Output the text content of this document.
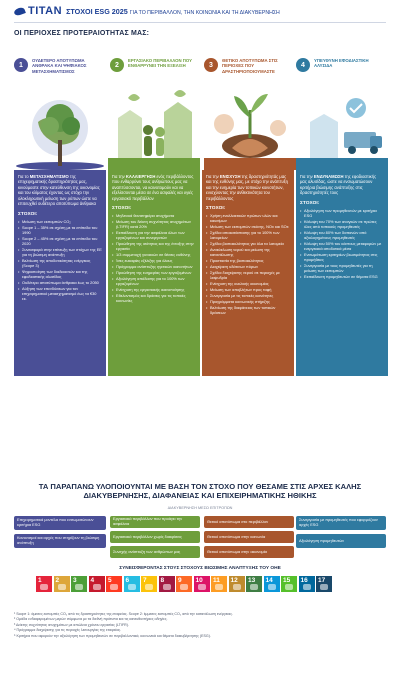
TITAN ΣΤΟΧΟΙ ESG 2025 ΓΙΑ ΤΟ ΠΕΡΙΒΑΛΛΟΝ, ΤΗΝ ΚΟΙΝΩΝΙΑ ΚΑΙ ΤΗ ΔΙΑΚΥΒΕΡΝΗΣΗ
ΟΙ ΠΕΡΙΟΧΕΣ ΠΡΟΤΕΡΑΙΟΤΗΤΑΣ ΜΑΣ:
1
ΟΥΔΕΤΕΡΟ ΑΠΟΤΥΠΩΜΑ ΑΝΘΡΑΚΑ ΚΑΙ ΨΗΦΙΑΚΟΣ ΜΕΤΑΣΧΗΜΑΤΙΣΜΟΣ
2
ΕΡΓΑΣΙΑΚΟ ΠΕΡΙΒΑΛΛΟΝ ΠΟΥ ΕΝΘΑΡΡΥΝΕΙ ΤΗΝ ΕΞΕΛΙΞΗ	3
ΘΕΤΙΚΟ ΑΠΟΤΥΠΩΜΑ ΣΤΙΣ ΠΕΡΙΟΧΕΣ ΠΟΥ ΔΡΑΣΤΗΡΙΟΠΟΙΟΥΜΑΣΤΕ
4
ΥΠΕΥΘΥΝΗ ΕΦΟΔΙΑΣΤΙΚΗ ΑΛΥΣΙΔΑ
Για το ΜΕΤΑΣΧΗΜΑΤΙΣΜΟ της επιχειρηματικής δραστηριότητας μας, κινούμαστε στην κατεύθυνση της οικονομίας και του κλίματος έχοντας ως στόχο την ολοκληρωτική μείωση των ρύπων ώστε να επιτευχθεί ουδέτερο αποτύπωμα άνθρακα
ΣΤΟΧΟΙ:
• Μείωση των εκπομπών CO₂
• Scope 1 – 35% σε σχέση με τα επίπεδα του 1990
• Scope 2 – 45% σε σχέση με τα επίπεδα του 2020
• Συνεισφορά στην επίτευξη των στόχων της ΕΕ για τη βιώσιμη ανάπτυξη
• Βελτίωση της αποδοτικότητας ενέργειας (Scope 3)
• Ψηφιοποίηση των διαδικασιών και της εφοδιαστικής αλυσίδας
• Ουδέτερο αποτύπωμα άνθρακα έως το 2050
• Αύξηση των επενδύσεων για τον επιχειρηματικό μετασχηματισμό έως τα €30 εκ.
Για την ΚΑΛΛΙΕΡΓΗΣΗ ενός περιβάλλοντος που ενθαρρύνει τους ανθρώπους μας να αναπτύσσονται, να καινοτομούν και να εξελίσσονται μέσα σε ένα ασφαλές και υγιές εργασιακό περιβάλλον
ΣΤΟΧΟΙ:
• Μηδενικά θανατηφόρα ατυχήματα
• Μείωση του δείκτη συχνότητας ατυχημάτων (LTIFR) κατά 20%
• Εκπαίδευση για την ασφάλεια όλων των εργαζομένων και συνεργατών
• Προώθηση της ισότητας και της ένταξης στην εργασία
• 1/3 συμμετοχή γυναικών σε θέσεις ευθύνης
• Ίσες ευκαιρίες εξέλιξης για όλους
• Πρόγραμμα ανάπτυξης ηγετικών ικανοτήτων
• Προώθηση της ευημερίας των εργαζομένων
• Αξιολόγηση απόδοσης για το 100% των εργαζομένων
• Ενίσχυση της εργασιακής ικανοποίησης
• Εθελοντισμός και δράσεις για τις τοπικές κοινωνίες
Για την ΕΝΙΣΧΥΣΗ της δραστηριότητάς μας και της ευθύνης μας, με στόχο την ανάπτυξη και την ευημερία των τοπικών κοινοτήτων, ενισχύοντας την ανθεκτικότητα του περιβάλλοντος
ΣΤΟΧΟΙ:
• Χρήση εναλλακτικών πρώτων υλών και καυσίμων
• Μείωση των εκπομπών σκόνης, NOx και SOx
• Σχέδια αποκατάστασης για το 100% των λατομείων
• Σχέδια βιοποικιλότητας για όλα τα λατομεία
• Ανακύκλωση νερού και μείωση της κατανάλωσης
• Προστασία της βιοποικιλότητας
• Διαχείριση υδάτινων πόρων
• Σχέδια διαχείρισης νερού σε περιοχές με λειψυδρία
• Ενίσχυση της κυκλικής οικονομίας
• Μείωση των αποβλήτων προς ταφή
• Συνεργασία με τις τοπικές κοινότητες
• Προγράμματα κοινωνικής στήριξης
• Βελτίωση της διαφάνειας των τοπικών δράσεων
Για την ΕΝΔΥΝΑΜΩΣΗ της εφοδιαστικής μας αλυσίδας, ώστε να ενσωματώσουν κριτήρια βιώσιμης ανάπτυξης στις δραστηριότητές τους
ΣΤΟΧΟΙ:
• Αξιολόγηση των προμηθευτών με κριτήρια ESG
• Κάλυψη του 70% των αναγκών σε πρώτες ύλες από τοπικούς προμηθευτές
• Κάλυψη του 80% των δαπανών από αξιολογημένους προμηθευτές
• Κάλυψη του 50% του κόστους μεταφορών με ενεργειακά αποδοτικά μέσα
• Ενσωμάτωση κριτηρίων βιωσιμότητας στις προμήθειες
• Συνεργασία με τους προμηθευτές για τη μείωση των εκπομπών
• Εκπαίδευση προμηθευτών σε θέματα ESG
ΤΑ ΠΑΡΑΠΑΝΩ ΥΛΟΠΟΙΟΥΝΤΑΙ ΜΕ ΒΑΣΗ ΤΟΝ ΣΤΟΧΟ ΠΟΥ ΘΕΣΑΜΕ ΣΤΙΣ ΑΡΧΕΣ ΚΑΛΗΣ ΔΙΑΚΥΒΕΡΝΗΣΗΣ, ΔΙΑΦΑΝΕΙΑΣ ΚΑΙ ΕΠΙΧΕΙΡΗΜΑΤΙΚΗΣ ΗΘΙΚΗΣ
ΔΙΑΚΥΒΕΡΝΗΣΗ ΜΕΣΩ ΕΠΙΤΡΟΠΩΝ
Επιχειρηματικά μοντέλα που ενσωματώνουν κριτήρια ESG
Κανονισμοί και αρχές που στηρίζουν τη βιώσιμη ανάπτυξη
Εργασιακό περιβάλλον που προάγει την ασφάλεια
Εργασιακό περιβάλλον χωρίς διακρίσεις
Συνεχής ανάπτυξη των ανθρώπων μας
Θετικό αποτύπωμα στο περιβάλλον
Θετικό αποτύπωμα στην κοινωνία
Θετικό αποτύπωμα στην οικονομία
Συνεργασία με προμηθευτές που εφαρμόζουν αρχές ESG
Αξιολόγηση προμηθευτών
ΣΥΝΕΙΣΦΕΡΟΝΤΑΣ ΣΤΟΥΣ ΣΤΟΧΟΥΣ ΒΙΩΣΙΜΗΣ ΑΝΑΠΤΥΞΗΣ ΤΟΥ ΟΗΕ
1	2	3	4	5	6	7	8	9	10	11	12	13	14	15	16	17
¹ Scope 1: άμεσες εκπομπές CO₂ από τις δραστηριότητες της εταιρείας. Scope 2: έμμεσες εκπομπές CO₂ από την κατανάλωση ενέργειας.
² Ομάδα ενδιαφερομένων μερών σύμφωνα με τα διεθνή πρότυπα και τις κατευθυντήριες οδηγίες.
³ Δείκτης συχνότητας ατυχημάτων με απώλεια χρόνου εργασίας (LTIFR).
⁴ Πρόγραμμα διαχείρισης για τις περιοχές λειτουργίας της εταιρείας.
⁵ Κριτήρια που αφορούν την αξιολόγηση των προμηθευτών σε περιβαλλοντικά, κοινωνικά και θέματα διακυβέρνησης (ESG).
